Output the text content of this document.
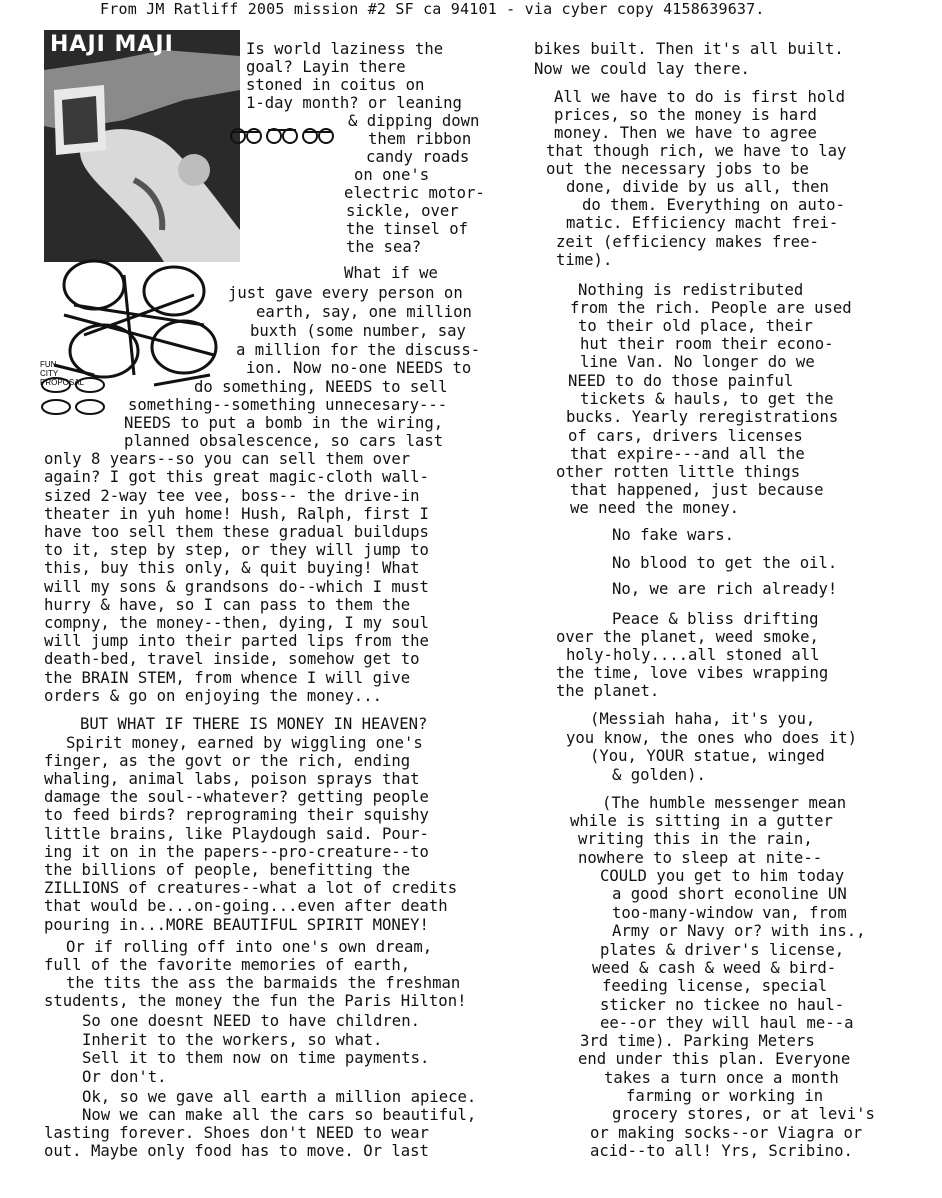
From JM Ratliff 2005 mission #2 SF ca 94101 - via cyber copy 4158639637.
HAJI MAJI
FUN
CITY
PROPOSAL
Is world laziness the
goal? Layin there
stoned in coitus on
1-day month? or leaning
& dipping down
them ribbon
candy roads
on one's
electric motor-
sickle, over
the tinsel of
the sea?
What if we
just gave every person on
earth, say, one million
buxth (some number, say
a million for the discuss-
ion. Now no-one NEEDS to
do something, NEEDS to sell
something--something unnecesary---
NEEDS to put a bomb in the wiring,
planned obsalescence, so cars last
only 8 years--so you can sell them over
again? I got this great magic-cloth wall-
sized 2-way tee vee, boss-- the drive-in
theater in yuh home! Hush, Ralph, first I
have too sell them these gradual buildups
to it, step by step, or they will jump to
this, buy this only, & quit buying! What
will my sons & grandsons do--which I must
hurry & have, so I can pass to them the
compny, the money--then, dying, I my soul
will jump into their parted lips from the
death-bed, travel inside, somehow get to
the BRAIN STEM, from whence I will give
orders & go on enjoying the money...
BUT WHAT IF THERE IS MONEY IN HEAVEN?
Spirit money, earned by wiggling one's
finger, as the govt or the rich, ending
whaling, animal labs, poison sprays that
damage the soul--whatever? getting people
to feed birds? reprograming their squishy
little brains, like Playdough said. Pour-
ing it on in the papers--pro-creature--to
the billions of people, benefitting the
ZILLIONS of creatures--what a lot of credits
that would be...on-going...even after death
pouring in...MORE BEAUTIFUL SPIRIT MONEY!
Or if rolling off into one's own dream,
full of the favorite memories of earth,
the tits the ass the barmaids the freshman
students, the money the fun the Paris Hilton!
So one doesnt NEED to have children.
Inherit to the workers, so what.
Sell it to them now on time payments.
Or don't.
Ok, so we gave all earth a million apiece.
Now we can make all the cars so beautiful,
lasting forever. Shoes don't NEED to wear
out. Maybe only food has to move. Or last
bikes built. Then it's all built.
Now we could lay there.
All we have to do is first hold
prices, so the money is hard
money. Then we have to agree
that though rich, we have to lay
out the necessary jobs to be
done, divide by us all, then
do them. Everything on auto-
matic. Efficiency macht frei-
zeit (efficiency makes free-
time).
Nothing is redistributed
from the rich. People are used
to their old place, their
hut their room their econo-
line Van. No longer do we
NEED to do those painful
tickets & hauls, to get the
bucks. Yearly reregistrations
of cars, drivers licenses
that expire---and all the
other rotten little things
that happened, just because
we need the money.
No fake wars.
No blood to get the oil.
No, we are rich already!
Peace & bliss drifting
over the planet, weed smoke,
holy-holy....all stoned all
the time, love vibes wrapping
the planet.
(Messiah haha, it's you,
you know, the ones who does it)
(You, YOUR statue, winged
& golden).
(The humble messenger mean
while is sitting in a gutter
writing this in the rain,
nowhere to sleep at nite--
COULD you get to him today
a good short econoline UN
too-many-window van, from
Army or Navy or? with ins.,
plates & driver's license,
weed & cash & weed & bird-
feeding license, special
sticker no tickee no haul-
ee--or they will haul me--a
3rd time). Parking Meters
end under this plan. Everyone
takes a turn once a month
farming or working in
grocery stores, or at levi's
or making socks--or Viagra or
acid--to all! Yrs, Scribino.
